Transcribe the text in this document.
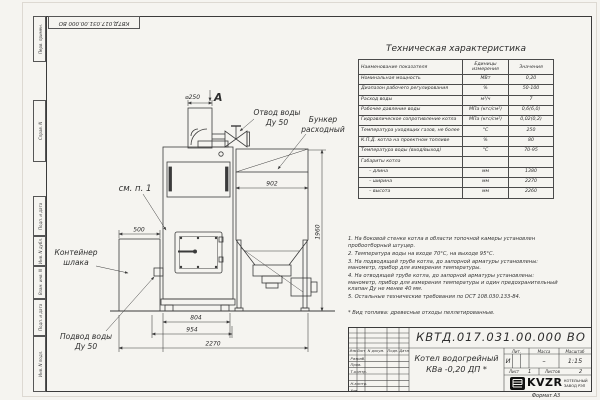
КВТД.017.031.00.000 ВО
Перв. примен.
Справ. N
Подп. и дата
Инв. N дубл.
Взам. инв. N
Подп. и дата
Инв. N подл.
⌀250 А
902
1960
500
804
954
2270
Отвод воды
Ду 50	Бункер
расходный
см. п. 1
Контейнер
шлака
Подвод воды
Ду 50
Техническая характеристика
Наименование показателя	Единицы измерения	Значения
Номинальная мощность	МВт	0,20
Диапазон рабочего регулирования	%	50-100
Расход воды	м³/ч	7
Рабочее давление воды	МПа (кгс/см²)	0,6(6,0)
Гидравлическое сопротивление котла	МПа (кгс/см²)	0,02(0,2)
Температура уходящих газов, не более	°С	250
К.П.Д. котла на проектном топливе	%	80
Температура воды (вход/выход)	°С	70-95
Габариты котла		
– длина	мм	1380
– ширина	мм	2270
– высота	мм	2260
1. На боковой стенке котла в области топочной камеры установлен пробоотборный штуцер.
2. Температура воды на входе 70°С, на выходе 95°С.
3. На подводящей трубе котла, до запорной арматуры установлены: манометр, прибор для измерения температуры.
4. На отводящей трубе котла, до запорной арматуры установлены: манометр, прибор для измерения температуры и один предохранительный клапан Ду не менее 40 мм.
5. Остальные технические требования по ОСТ 108.030.133-84.
* Вид топлива: древесные отходы пеллетированные.
КВТД.017.031.00.000 ВО
Изм. Лист N докум. Подп. Дата
Разраб.
Пров.
Т.контр.
Н.контр.
Утв.
Котел водогрейный
КВа -0,20 ДП *
Лит.	Масса	Масштаб
И	–	1:15
Лист 1	Листов	2
KVZR КОТЕЛЬНЫЙ
ЗАВОД РЭП
Формат А3
